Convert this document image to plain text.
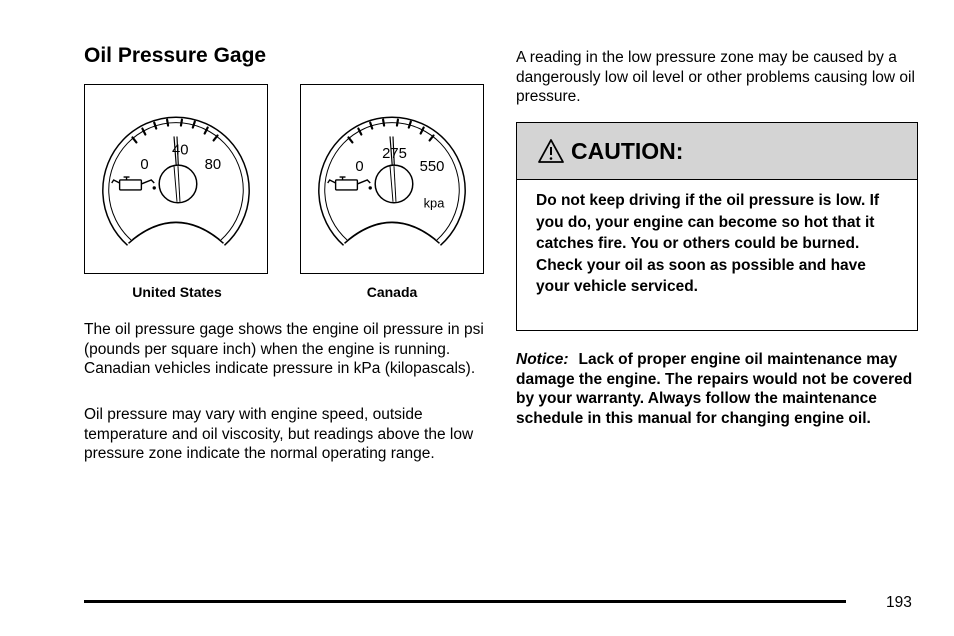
Oil Pressure Gage
0
40
80
United States
0
275
550
kpa
Canada

The oil pressure gage shows the engine oil pressure in psi (pounds per square inch) when the engine is running. Canadian vehicles indicate pressure in kPa (kilopascals).

Oil pressure may vary with engine speed, outside temperature and oil viscosity, but readings above the low pressure zone indicate the normal operating range.

A reading in the low pressure zone may be caused by a dangerously low oil level or other problems causing low oil pressure.

CAUTION:
Do not keep driving if the oil pressure is low. If you do, your engine can become so hot that it catches fire. You or others could be burned. Check your oil as soon as possible and have your vehicle serviced.

Notice: Lack of proper engine oil maintenance may damage the engine. The repairs would not be covered by your warranty. Always follow the maintenance schedule in this manual for changing engine oil.

193
